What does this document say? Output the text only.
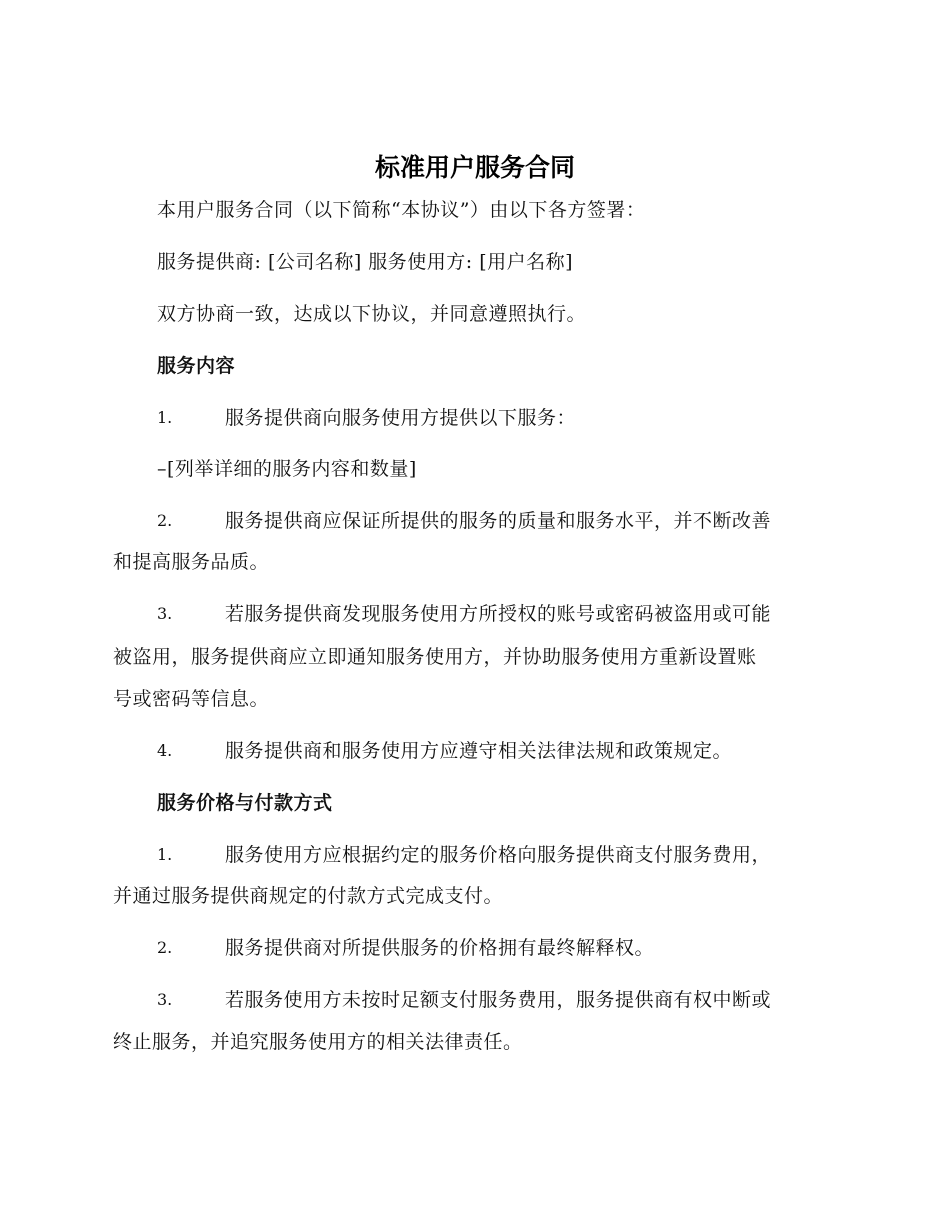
标准用户服务合同
本用户服务合同（以下简称“本协议”）由以下各方签署：
服务提供商: [公司名称] 服务使用方: [用户名称]
双方协商一致，达成以下协议，并同意遵照执行。
服务内容
1.	服务提供商向服务使用方提供以下服务：
–[列举详细的服务内容和数量]
2.	服务提供商应保证所提供的服务的质量和服务水平，并不断改善
和提高服务品质。
3.	若服务提供商发现服务使用方所授权的账号或密码被盗用或可能
被盗用，服务提供商应立即通知服务使用方，并协助服务使用方重新设置账
号或密码等信息。
4.	服务提供商和服务使用方应遵守相关法律法规和政策规定。
服务价格与付款方式
1.	服务使用方应根据约定的服务价格向服务提供商支付服务费用，
并通过服务提供商规定的付款方式完成支付。
2.	服务提供商对所提供服务的价格拥有最终解释权。
3.	若服务使用方未按时足额支付服务费用，服务提供商有权中断或
终止服务，并追究服务使用方的相关法律责任。
